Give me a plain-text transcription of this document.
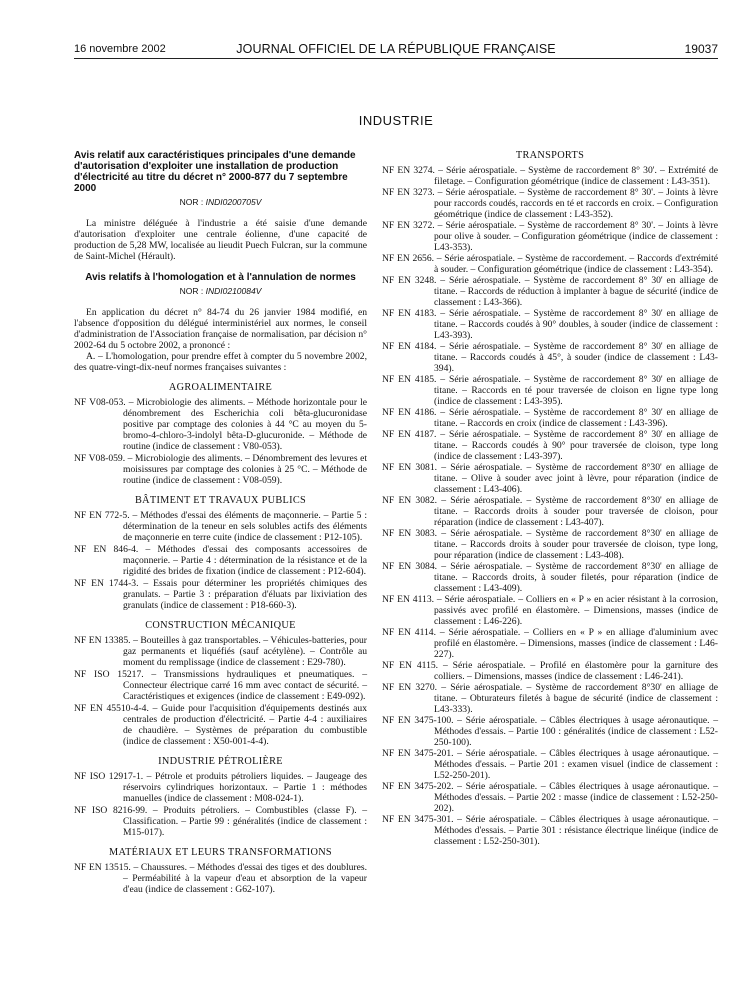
16 novembre 2002	JOURNAL OFFICIEL DE LA RÉPUBLIQUE FRANÇAISE	19037
INDUSTRIE
Avis relatif aux caractéristiques principales d'une demande d'autorisation d'exploiter une installation de production d'électricité au titre du décret n° 2000-877 du 7 septembre 2000
NOR : INDI0200705V

La ministre déléguée à l'industrie a été saisie d'une demande d'autorisation d'exploiter une centrale éolienne, d'une capacité de production de 5,28 MW, localisée au lieudit Puech Fulcran, sur la commune de Saint-Michel (Hérault).

Avis relatifs à l'homologation et à l'annulation de normes
NOR : INDI0210084V

En application du décret n° 84-74 du 26 janvier 1984 modifié, en l'absence d'opposition du délégué interministériel aux normes, le conseil d'administration de l'Association française de normalisation, par décision n° 2002-64 du 5 octobre 2002, a prononcé :

A. – L'homologation, pour prendre effet à compter du 5 novembre 2002, des quatre-vingt-dix-neuf normes françaises suivantes :

AGROALIMENTAIRE
NF V08-053. – Microbiologie des aliments. – Méthode horizontale pour le dénombrement des Escherichia coli bêta-glucuronidase positive par comptage des colonies à 44 °C au moyen du 5-bromo-4-chloro-3-indolyl bêta-D-glucuronide. – Méthode de routine (indice de classement : V80-053).
NF V08-059. – Microbiologie des aliments. – Dénombrement des levures et moisissures par comptage des colonies à 25 °C. – Méthode de routine (indice de classement : V08-059).
BÂTIMENT ET TRAVAUX PUBLICS
NF EN 772-5. – Méthodes d'essai des éléments de maçonnerie. – Partie 5 : détermination de la teneur en sels solubles actifs des éléments de maçonnerie en terre cuite (indice de classement : P12-105).
NF EN 846-4. – Méthodes d'essai des composants accessoires de maçonnerie. – Partie 4 : détermination de la résistance et de la rigidité des brides de fixation (indice de classement : P12-604).
NF EN 1744-3. – Essais pour déterminer les propriétés chimiques des granulats. – Partie 3 : préparation d'éluats par lixiviation des granulats (indice de classement : P18-660-3).
CONSTRUCTION MÉCANIQUE
NF EN 13385. – Bouteilles à gaz transportables. – Véhicules-batteries, pour gaz permanents et liquéfiés (sauf acétylène). – Contrôle au moment du remplissage (indice de classement : E29-780).
NF ISO 15217. – Transmissions hydrauliques et pneumatiques. – Connecteur électrique carré 16 mm avec contact de sécurité. – Caractéristiques et exigences (indice de classement : E49-092).
NF EN 45510-4-4. – Guide pour l'acquisition d'équipements destinés aux centrales de production d'électricité. – Partie 4-4 : auxiliaires de chaudière. – Systèmes de préparation du combustible (indice de classement : X50-001-4-4).
INDUSTRIE PÉTROLIÈRE
NF ISO 12917-1. – Pétrole et produits pétroliers liquides. – Jaugeage des réservoirs cylindriques horizontaux. – Partie 1 : méthodes manuelles (indice de classement : M08-024-1).
NF ISO 8216-99. – Produits pétroliers. – Combustibles (classe F). – Classification. – Partie 99 : généralités (indice de classement : M15-017).
MATÉRIAUX ET LEURS TRANSFORMATIONS
NF EN 13515. – Chaussures. – Méthodes d'essai des tiges et des doublures. – Perméabilité à la vapeur d'eau et absorption de la vapeur d'eau (indice de classement : G62-107).
TRANSPORTS
NF EN 3274. – Série aérospatiale. – Système de raccordement 8° 30'. – Extrémité de filetage. – Configuration géométrique (indice de classement : L43-351).
NF EN 3273. – Série aérospatiale. – Système de raccordement 8° 30'. – Joints à lèvre pour raccords coudés, raccords en té et raccords en croix. – Configuration géométrique (indice de classement : L43-352).
NF EN 3272. – Série aérospatiale. – Système de raccordement 8° 30'. – Joints à lèvre pour olive à souder. – Configuration géométrique (indice de classement : L43-353).
NF EN 2656. – Série aérospatiale. – Système de raccordement. – Raccords d'extrémité à souder. – Configuration géométrique (indice de classement : L43-354).
NF EN 3248. – Série aérospatiale. – Système de raccordement 8° 30' en alliage de titane. – Raccords de réduction à implanter à bague de sécurité (indice de classement : L43-366).
NF EN 4183. – Série aérospatiale. – Système de raccordement 8° 30' en alliage de titane. – Raccords coudés à 90° doubles, à souder (indice de classement : L43-393).
NF EN 4184. – Série aérospatiale. – Système de raccordement 8° 30' en alliage de titane. – Raccords coudés à 45°, à souder (indice de classement : L43-394).
NF EN 4185. – Série aérospatiale. – Système de raccordement 8° 30' en alliage de titane. – Raccords en té pour traversée de cloison en ligne type long (indice de classement : L43-395).
NF EN 4186. – Série aérospatiale. – Système de raccordement 8° 30' en alliage de titane. – Raccords en croix (indice de classement : L43-396).
NF EN 4187. – Série aérospatiale. – Système de raccordement 8° 30' en alliage de titane. – Raccords coudés à 90° pour traversée de cloison, type long (indice de classement : L43-397).
NF EN 3081. – Série aérospatiale. – Système de raccordement 8°30' en alliage de titane. – Olive à souder avec joint à lèvre, pour réparation (indice de classement : L43-406).
NF EN 3082. – Série aérospatiale. – Système de raccordement 8°30' en alliage de titane. – Raccords droits à souder pour traversée de cloison, pour réparation (indice de classement : L43-407).
NF EN 3083. – Série aérospatiale. – Système de raccordement 8°30' en alliage de titane. – Raccords droits à souder pour traversée de cloison, type long, pour réparation (indice de classement : L43-408).
NF EN 3084. – Série aérospatiale. – Système de raccordement 8°30' en alliage de titane. – Raccords droits, à souder filetés, pour réparation (indice de classement : L43-409).
NF EN 4113. – Série aérospatiale. – Colliers en « P » en acier résistant à la corrosion, passivés avec profilé en élastomère. – Dimensions, masses (indice de classement : L46-226).
NF EN 4114. – Série aérospatiale. – Colliers en « P » en alliage d'aluminium avec profilé en élastomère. – Dimensions, masses (indice de classement : L46-227).
NF EN 4115. – Série aérospatiale. – Profilé en élastomère pour la garniture des colliers. – Dimensions, masses (indice de classement : L46-241).
NF EN 3270. – Série aérospatiale. – Système de raccordement 8°30' en alliage de titane. – Obturateurs filetés à bague de sécurité (indice de classement : L43-333).
NF EN 3475-100. – Série aérospatiale. – Câbles électriques à usage aéronautique. – Méthodes d'essais. – Partie 100 : généralités (indice de classement : L52-250-100).
NF EN 3475-201. – Série aérospatiale. – Câbles électriques à usage aéronautique. – Méthodes d'essais. – Partie 201 : examen visuel (indice de classement : L52-250-201).
NF EN 3475-202. – Série aérospatiale. – Câbles électriques à usage aéronautique. – Méthodes d'essais. – Partie 202 : masse (indice de classement : L52-250-202).
NF EN 3475-301. – Série aérospatiale. – Câbles électriques à usage aéronautique. – Méthodes d'essais. – Partie 301 : résistance électrique linéique (indice de classement : L52-250-301).
